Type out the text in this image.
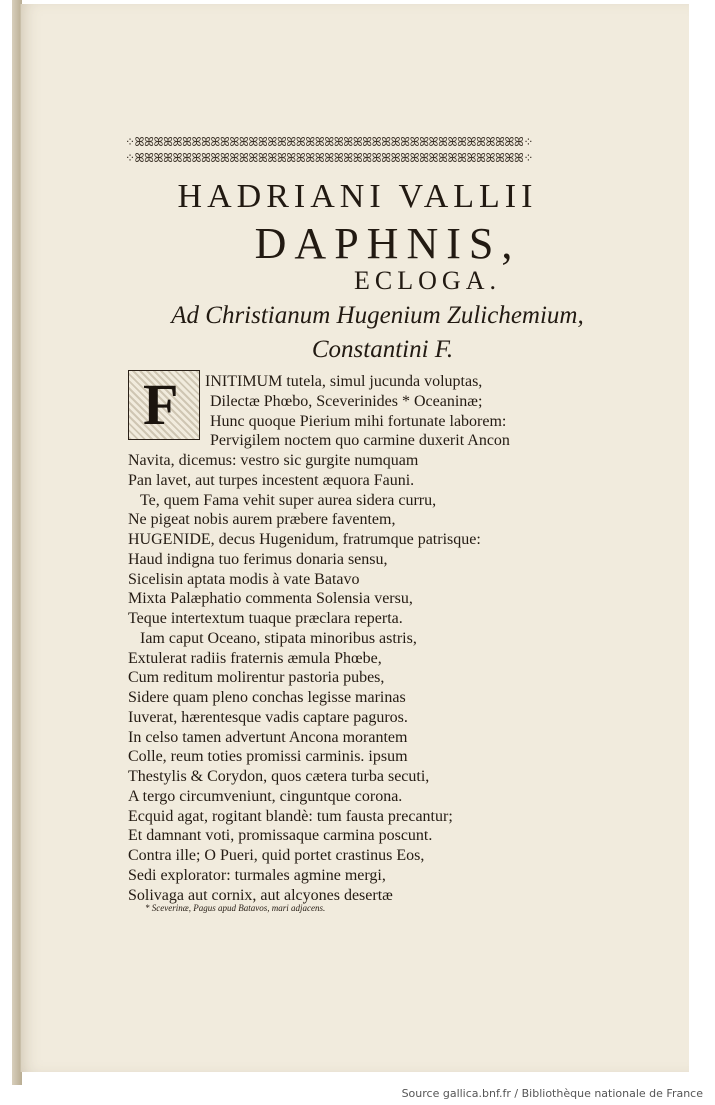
⁘ꕤꕤꕤꕤꕤꕤꕤꕤꕤꕤꕤꕤꕤꕤꕤꕤꕤꕤꕤꕤꕤꕤꕤꕤꕤꕤꕤꕤꕤꕤꕤꕤꕤꕤꕤꕤꕤꕤꕤꕤꕤ⁘
⁘ꕤꕤꕤꕤꕤꕤꕤꕤꕤꕤꕤꕤꕤꕤꕤꕤꕤꕤꕤꕤꕤꕤꕤꕤꕤꕤꕤꕤꕤꕤꕤꕤꕤꕤꕤꕤꕤꕤꕤꕤꕤ⁘
HADRIANI VALLII
DAPHNIS,
ECLOGA.
Ad Christianum Hugenium Zulichemium,
Constantini F.
F INITIMUM tutela, simul jucunda voluptas,
Dilectæ Phœbo, Sceverinides * Oceaninæ;
Hunc quoque Pierium mihi fortunate laborem:
Pervigilem noctem quo carmine duxerit Ancon
Navita, dicemus: vestro sic gurgite numquam
Pan lavet, aut turpes incestent æquora Fauni.
Te, quem Fama vehit super aurea sidera curru,
Ne pigeat nobis aurem præbere faventem,
HUGENIDE, decus Hugenidum, fratrumque patrisque:
Haud indigna tuo ferimus donaria sensu,
Sicelisin aptata modis à vate Batavo
Mixta Palæphatio commenta Solensia versu,
Teque intertextum tuaque præclara reperta.
Iam caput Oceano, stipata minoribus astris,
Extulerat radiis fraternis æmula Phœbe,
Cum reditum molirentur pastoria pubes,
Sidere quam pleno conchas legisse marinas
Iuverat, hærentesque vadis captare paguros.
In celso tamen advertunt Ancona morantem
Colle, reum toties promissi carminis. ipsum
Thestylis & Corydon, quos cætera turba secuti,
A tergo circumveniunt, cinguntque corona.
Ecquid agat, rogitant blandè: tum fausta precantur;
Et damnant voti, promissaque carmina poscunt.
Contra ille; O Pueri, quid portet crastinus Eos,
Sedi explorator: turmales agmine mergi,
Solivaga aut cornix, aut alcyones desertæ
* Sceverinæ, Pagus apud Batavos, mari adjacens.
Source gallica.bnf.fr / Bibliothèque nationale de France
